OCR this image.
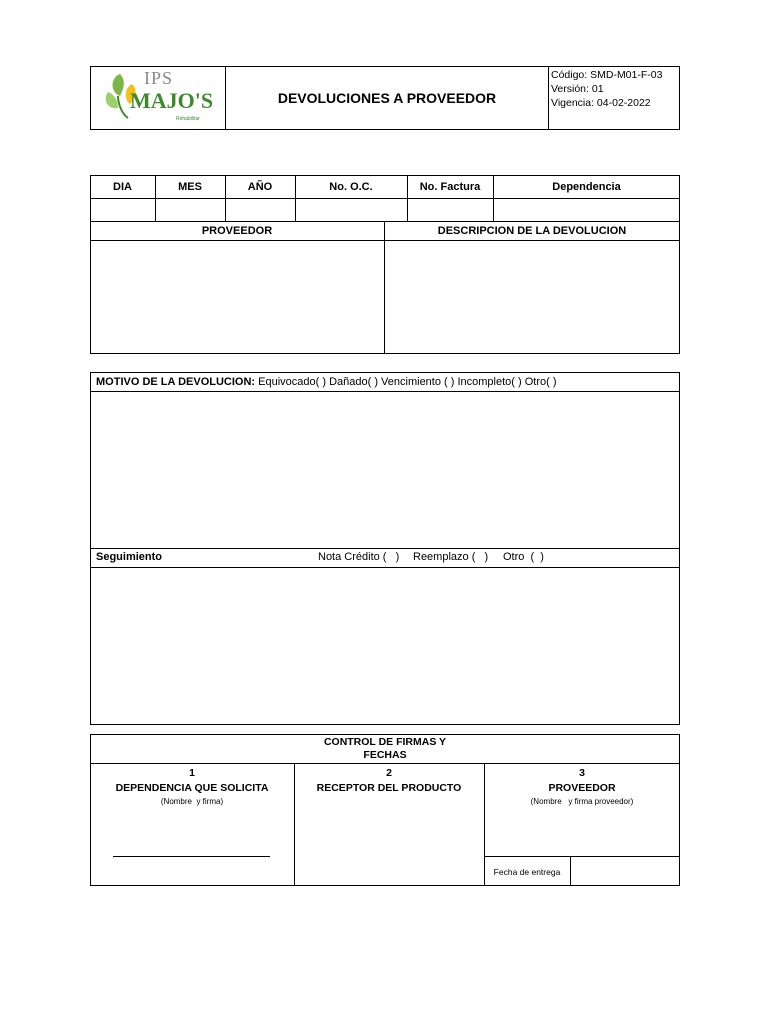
IPS
MAJO'S
Rehabilitar
DEVOLUCIONES A PROVEEDOR
Código: SMD-M01-F-03
Versión: 01
Vigencia: 04-02-2022
DIA	MES	AÑO	No. O.C.	No. Factura	Dependencia
PROVEEDOR	DESCRIPCION DE LA DEVOLUCION
MOTIVO DE LA DEVOLUCION: Equivocado( ) Dañado( ) Vencimiento ( ) Incompleto( ) Otro( )
Seguimiento	Nota Crédito (   ) Reemplazo (   ) Otro  (  )
CONTROL DE FIRMAS Y
FECHAS
1
DEPENDENCIA QUE SOLICITA
(Nombre  y firma)
2
RECEPTOR DEL PRODUCTO
3
PROVEEDOR
(Nombre   y firma proveedor)
Fecha de entrega
